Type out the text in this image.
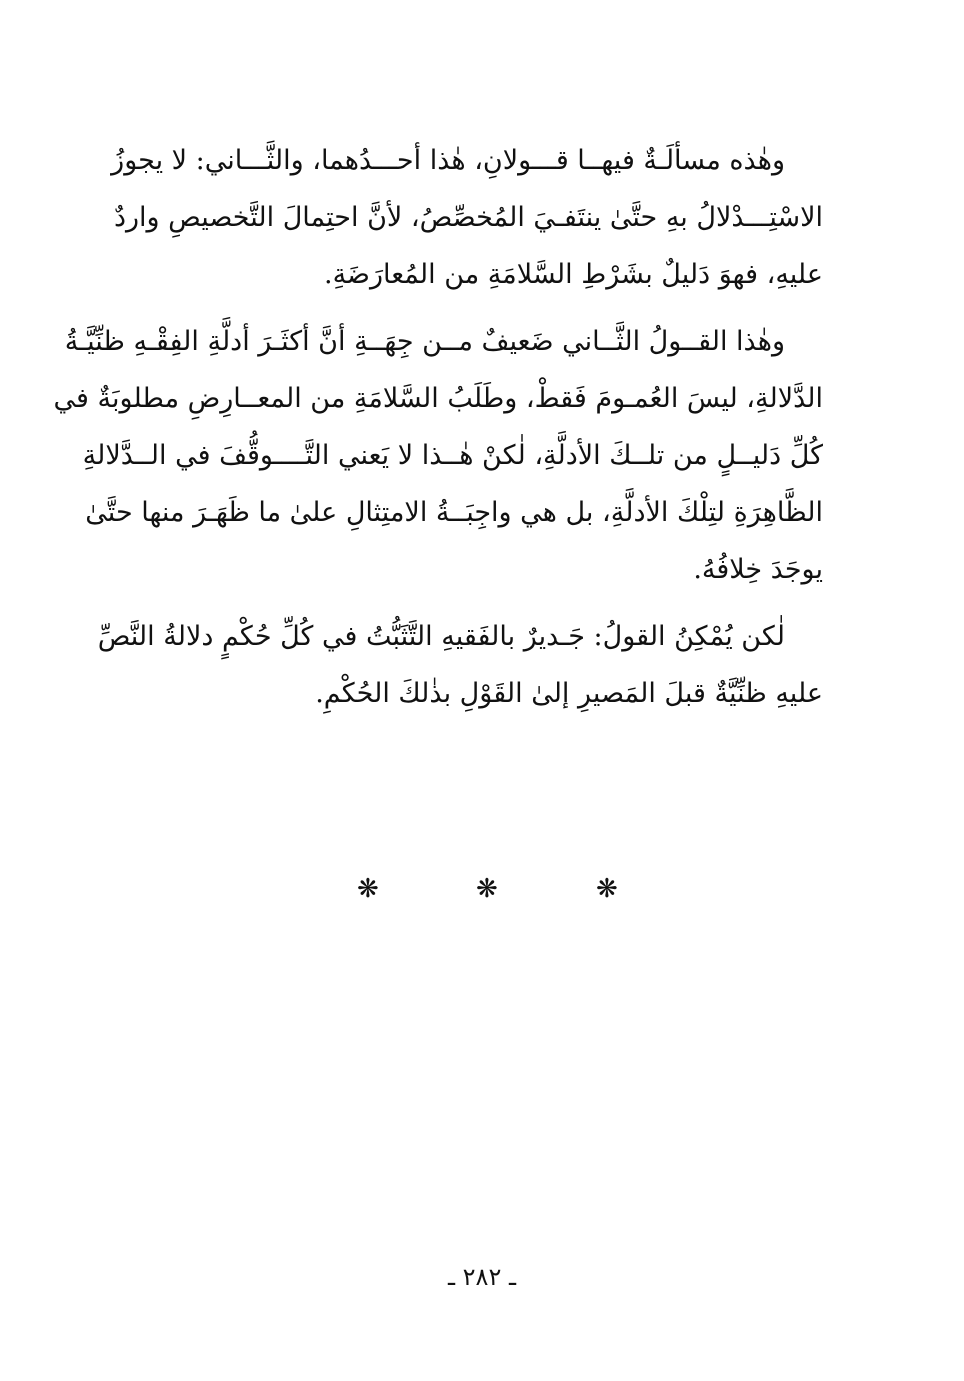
وهٰذه مسألَـةٌ فيهــا قـــولانِ، هٰذا أحـــدُهما، والثَّـــاني: لا يجوزُ
الاسْتِـــدْلالُ بهِ حتَّىٰ ينتَفـيَ المُخصِّصُ، لأنَّ احتِمالَ التَّخصيصِ واردٌ
عليهِ، فهوَ دَليلٌ بشَرْطِ السَّلامَةِ من المُعارَضَةِ.
وهٰذا القــولُ الثَّــاني ضَعيفٌ مــن جِهَــةِ أنَّ أكثَـرَ أدلَّةِ الفِقْـهِ ظنِّيَّـةُ
الدَّلالةِ، ليسَ العُمـومَ فَقطْ، وطَلَبُ السَّلامَةِ من المعــارِضِ مطلوبَةٌ في
كُلِّ دَليــلٍ من تلــكَ الأدلَّةِ، لٰكنْ هٰــذا لا يَعني التَّــــوقُّفَ في الــدَّلالةِ
الظَّاهِرَةِ لتِلْكَ الأدلَّةِ، بل هي واجِبَــةُ الامتِثالِ علىٰ ما ظَهَـرَ منها حتَّىٰ
يوجَدَ خِلافُهُ.
لٰكن يُمْكِنُ القولُ: جَـديرٌ بالفَقيهِ التَّثَبُّتُ في كُلِّ حُكْمٍ دلالةُ النَّصِّ
عليهِ ظنِّيَّةٌ قبلَ المَصيرِ إلىٰ القَوْلِ بذٰلكَ الحُكْمِ.
❋	❋	❋
ـ ٢٨٢ ـ
